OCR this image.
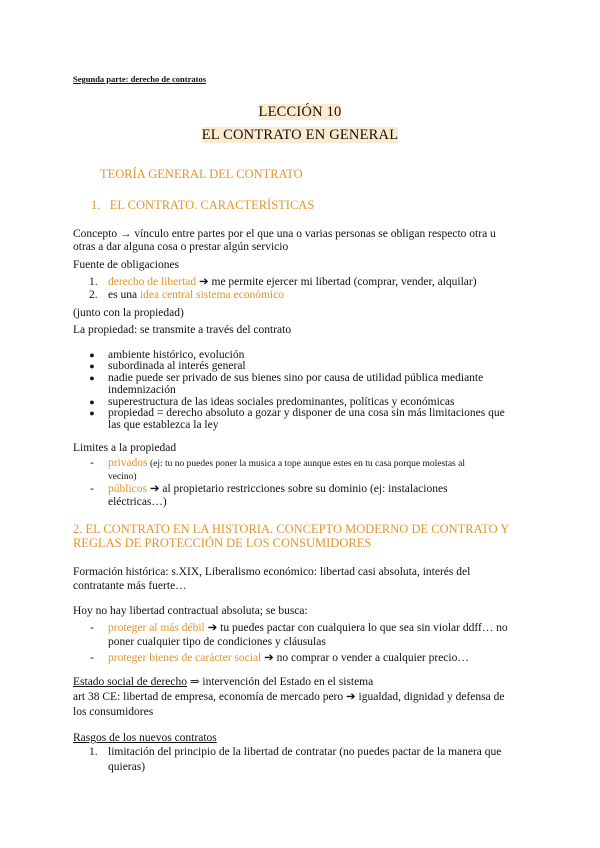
Segunda parte: derecho de contratos
LECCIÓN 10
EL CONTRATO EN GENERAL
TEORÍA GENERAL DEL CONTRATO
1. EL CONTRATO. CARACTERÍSTICAS
Concepto → vínculo entre partes por el que una o varias personas se obligan respecto otra u
otras a dar alguna cosa o prestar algún servicio
Fuente de obligaciones
1. derecho de libertad ➔ me permite ejercer mi libertad (comprar, vender, alquilar)
2. es una idea central sistema económico
(junto con la propiedad)
La propiedad: se transmite a través del contrato
● ambiente histórico, evolución
● subordinada al interés general
● nadie puede ser privado de sus bienes sino por causa de utilidad pública mediante
indemnización
● superestructura de las ideas sociales predominantes, políticas y económicas
● propiedad = derecho absoluto a gozar y disponer de una cosa sin más limitaciones que
las que establezca la ley
Limites a la propiedad
- privados (ej: tu no puedes poner la musica a tope aunque estes en tu casa porque molestas al
vecino)
- públicos ➔ al propietario restricciones sobre su dominio (ej: instalaciones
eléctricas…)
2. EL CONTRATO EN LA HISTORIA. CONCEPTO MODERNO DE CONTRATO Y
REGLAS DE PROTECCIÓN DE LOS CONSUMIDORES
Formación histórica: s.XIX, Liberalismo económico: libertad casi absoluta, interés del
contratante más fuerte…
Hoy no hay libertad contractual absoluta; se busca:
- proteger al más débil ➔ tu puedes pactar con cualquiera lo que sea sin violar ddff… no
poner cualquier tipo de condiciones y cláusulas
- proteger bienes de carácter social ➔ no comprar o vender a cualquier precio…
Estado social de derecho ⇒ intervención del Estado en el sistema
art 38 CE: libertad de empresa, economía de mercado pero ➔ igualdad, dignidad y defensa de
los consumidores
Rasgos de los nuevos contratos
1. limitación del principio de la libertad de contratar (no puedes pactar de la manera que
quieras)
